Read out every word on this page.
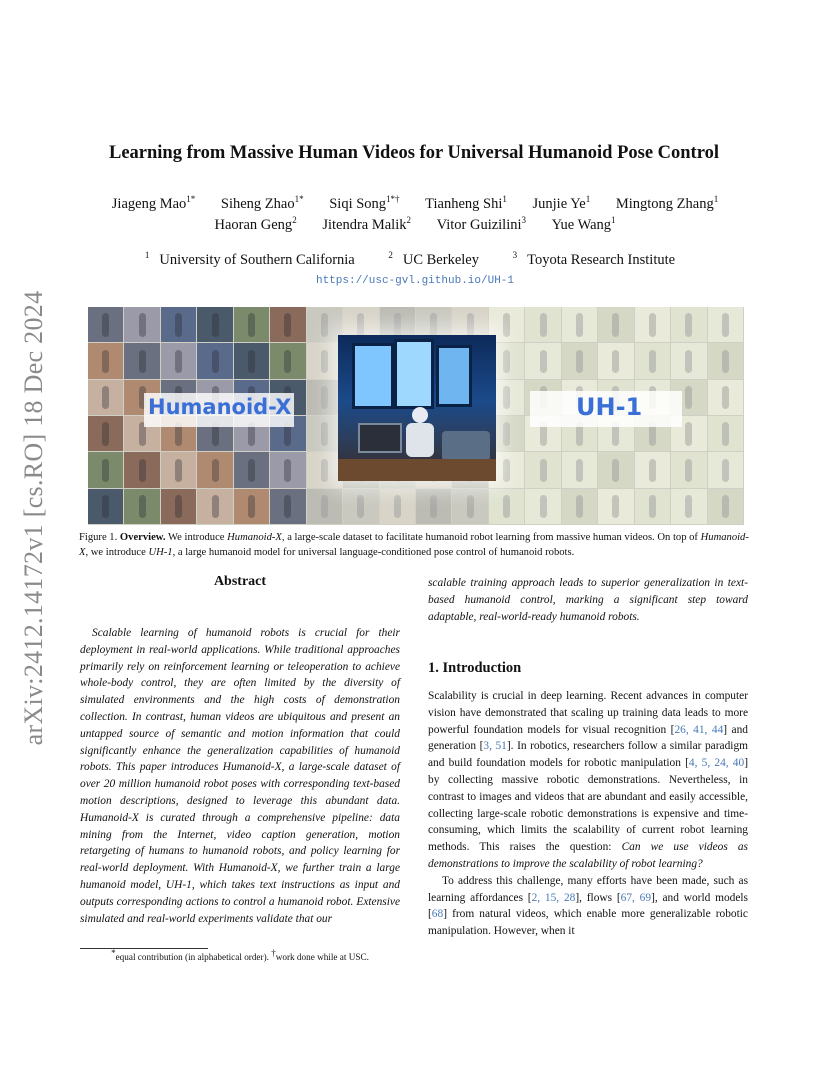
arXiv:2412.14172v1 [cs.RO] 18 Dec 2024
Learning from Massive Human Videos for Universal Humanoid Pose Control
Jiageng Mao$^{1*}$ Siheng Zhao$^{1*}$ Siqi Song$^{1*\dagger}$ Tianheng Shi$^1$ Junjie Ye$^1$ Mingtong Zhang$^1$
Haoran Geng$^2$ Jitendra Malik$^2$ Vitor Guizilini$^3$ Yue Wang$^1$
$^1$ University of Southern California	$^2$ UC Berkeley	$^3$ Toyota Research Institute
https://usc-gvl.github.io/UH-1
Humanoid-X	UH-1
Figure 1. Overview. We introduce Humanoid-X, a large-scale dataset to facilitate humanoid robot learning from massive human videos. On top of Humanoid-X, we introduce UH-1, a large humanoid model for universal language-conditioned pose control of humanoid robots.
Abstract

Scalable learning of humanoid robots is crucial for their deployment in real-world applications. While traditional approaches primarily rely on reinforcement learning or teleoperation to achieve whole-body control, they are often limited by the diversity of simulated environments and the high costs of demonstration collection. In contrast, human videos are ubiquitous and present an untapped source of semantic and motion information that could significantly enhance the generalization capabilities of humanoid robots. This paper introduces Humanoid-X, a large-scale dataset of over 20 million humanoid robot poses with corresponding text-based motion descriptions, designed to leverage this abundant data. Humanoid-X is curated through a comprehensive pipeline: data mining from the Internet, video caption generation, motion retargeting of humans to humanoid robots, and policy learning for real-world deployment. With Humanoid-X, we further train a large humanoid model, UH-1, which takes text instructions as input and outputs corresponding actions to control a humanoid robot. Extensive simulated and real-world experiments validate that our

*equal contribution (in alphabetical order). †work done while at USC.
scalable training approach leads to superior generalization in text-based humanoid control, marking a significant step toward adaptable, real-world-ready humanoid robots.
1. Introduction

Scalability is crucial in deep learning. Recent advances in computer vision have demonstrated that scaling up training data leads to more powerful foundation models for visual recognition [26, 41, 44] and generation [3, 51]. In robotics, researchers follow a similar paradigm and build foundation models for robotic manipulation [4, 5, 24, 40] by collecting massive robotic demonstrations. Nevertheless, in contrast to images and videos that are abundant and easily accessible, collecting large-scale robotic demonstrations is expensive and time-consuming, which limits the scalability of current robot learning methods. This raises the question: Can we use videos as demonstrations to improve the scalability of robot learning?

To address this challenge, many efforts have been made, such as learning affordances [2, 15, 28], flows [67, 69], and world models [68] from natural videos, which enable more generalizable robotic manipulation. However, when it
